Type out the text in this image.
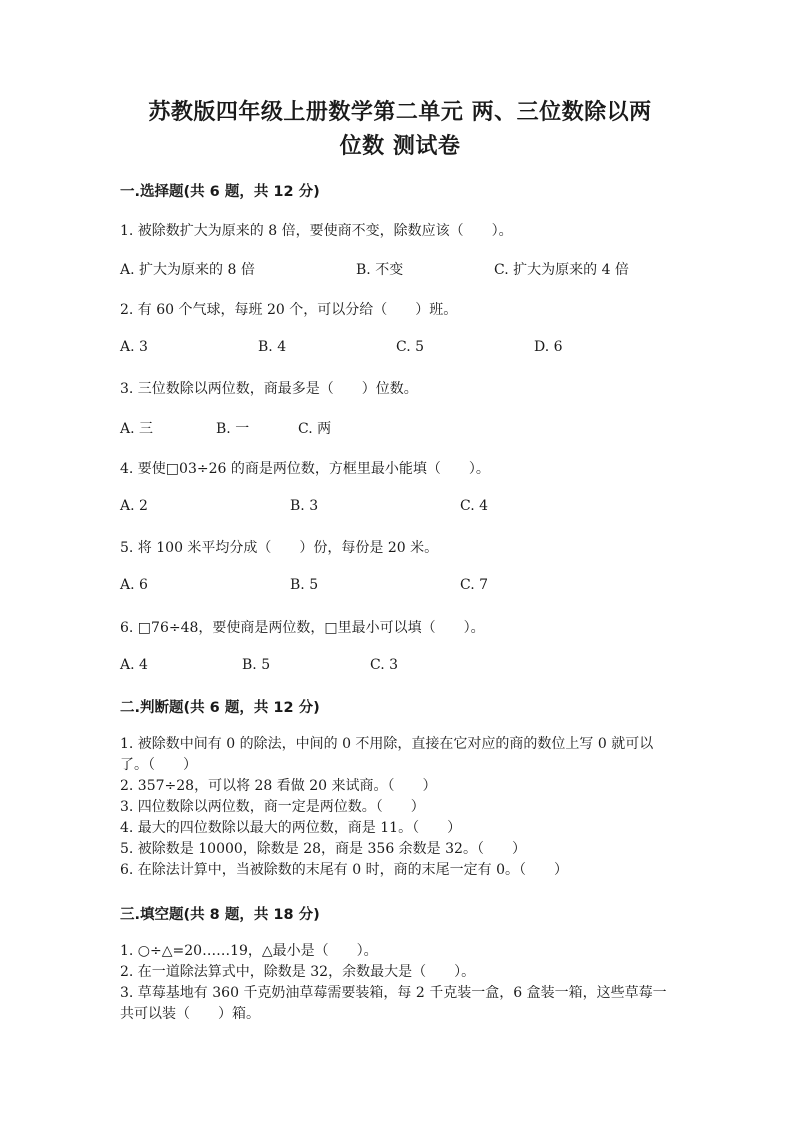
苏教版四年级上册数学第二单元 两、三位数除以两
位数 测试卷
一.选择题(共 6 题，共 12 分)
1. 被除数扩大为原来的 8 倍，要使商不变，除数应该（　　）。
A. 扩大为原来的 8 倍	B. 不变	C. 扩大为原来的 4 倍
2. 有 60 个气球，每班 20 个，可以分给（　　）班。
A. 3	B. 4	C. 5	D. 6
3. 三位数除以两位数，商最多是（　　）位数。
A. 三	B. 一	C. 两
4. 要使□03÷26 的商是两位数，方框里最小能填（　　）。
A. 2	B. 3	C. 4
5. 将 100 米平均分成（　　）份，每份是 20 米。
A. 6	B. 5	C. 7
6. □76÷48，要使商是两位数，□里最小可以填（　　）。
A. 4	B. 5	C. 3
二.判断题(共 6 题，共 12 分)
1. 被除数中间有 0 的除法，中间的 0 不用除，直接在它对应的商的数位上写 0 就可以了。（　　）
2. 357÷28，可以将 28 看做 20 来试商。（　　）
3. 四位数除以两位数，商一定是两位数。（　　）
4. 最大的四位数除以最大的两位数，商是 11。（　　）
5. 被除数是 10000，除数是 28，商是 356 余数是 32。（　　）
6. 在除法计算中，当被除数的末尾有 0 时，商的末尾一定有 0。（　　）
三.填空题(共 8 题，共 18 分)
1. ○÷△=20……19，△最小是（　　）。
2. 在一道除法算式中，除数是 32，余数最大是（　　）。
3. 草莓基地有 360 千克奶油草莓需要装箱，每 2 千克装一盒，6 盒装一箱，这些草莓一共可以装（　　）箱。
